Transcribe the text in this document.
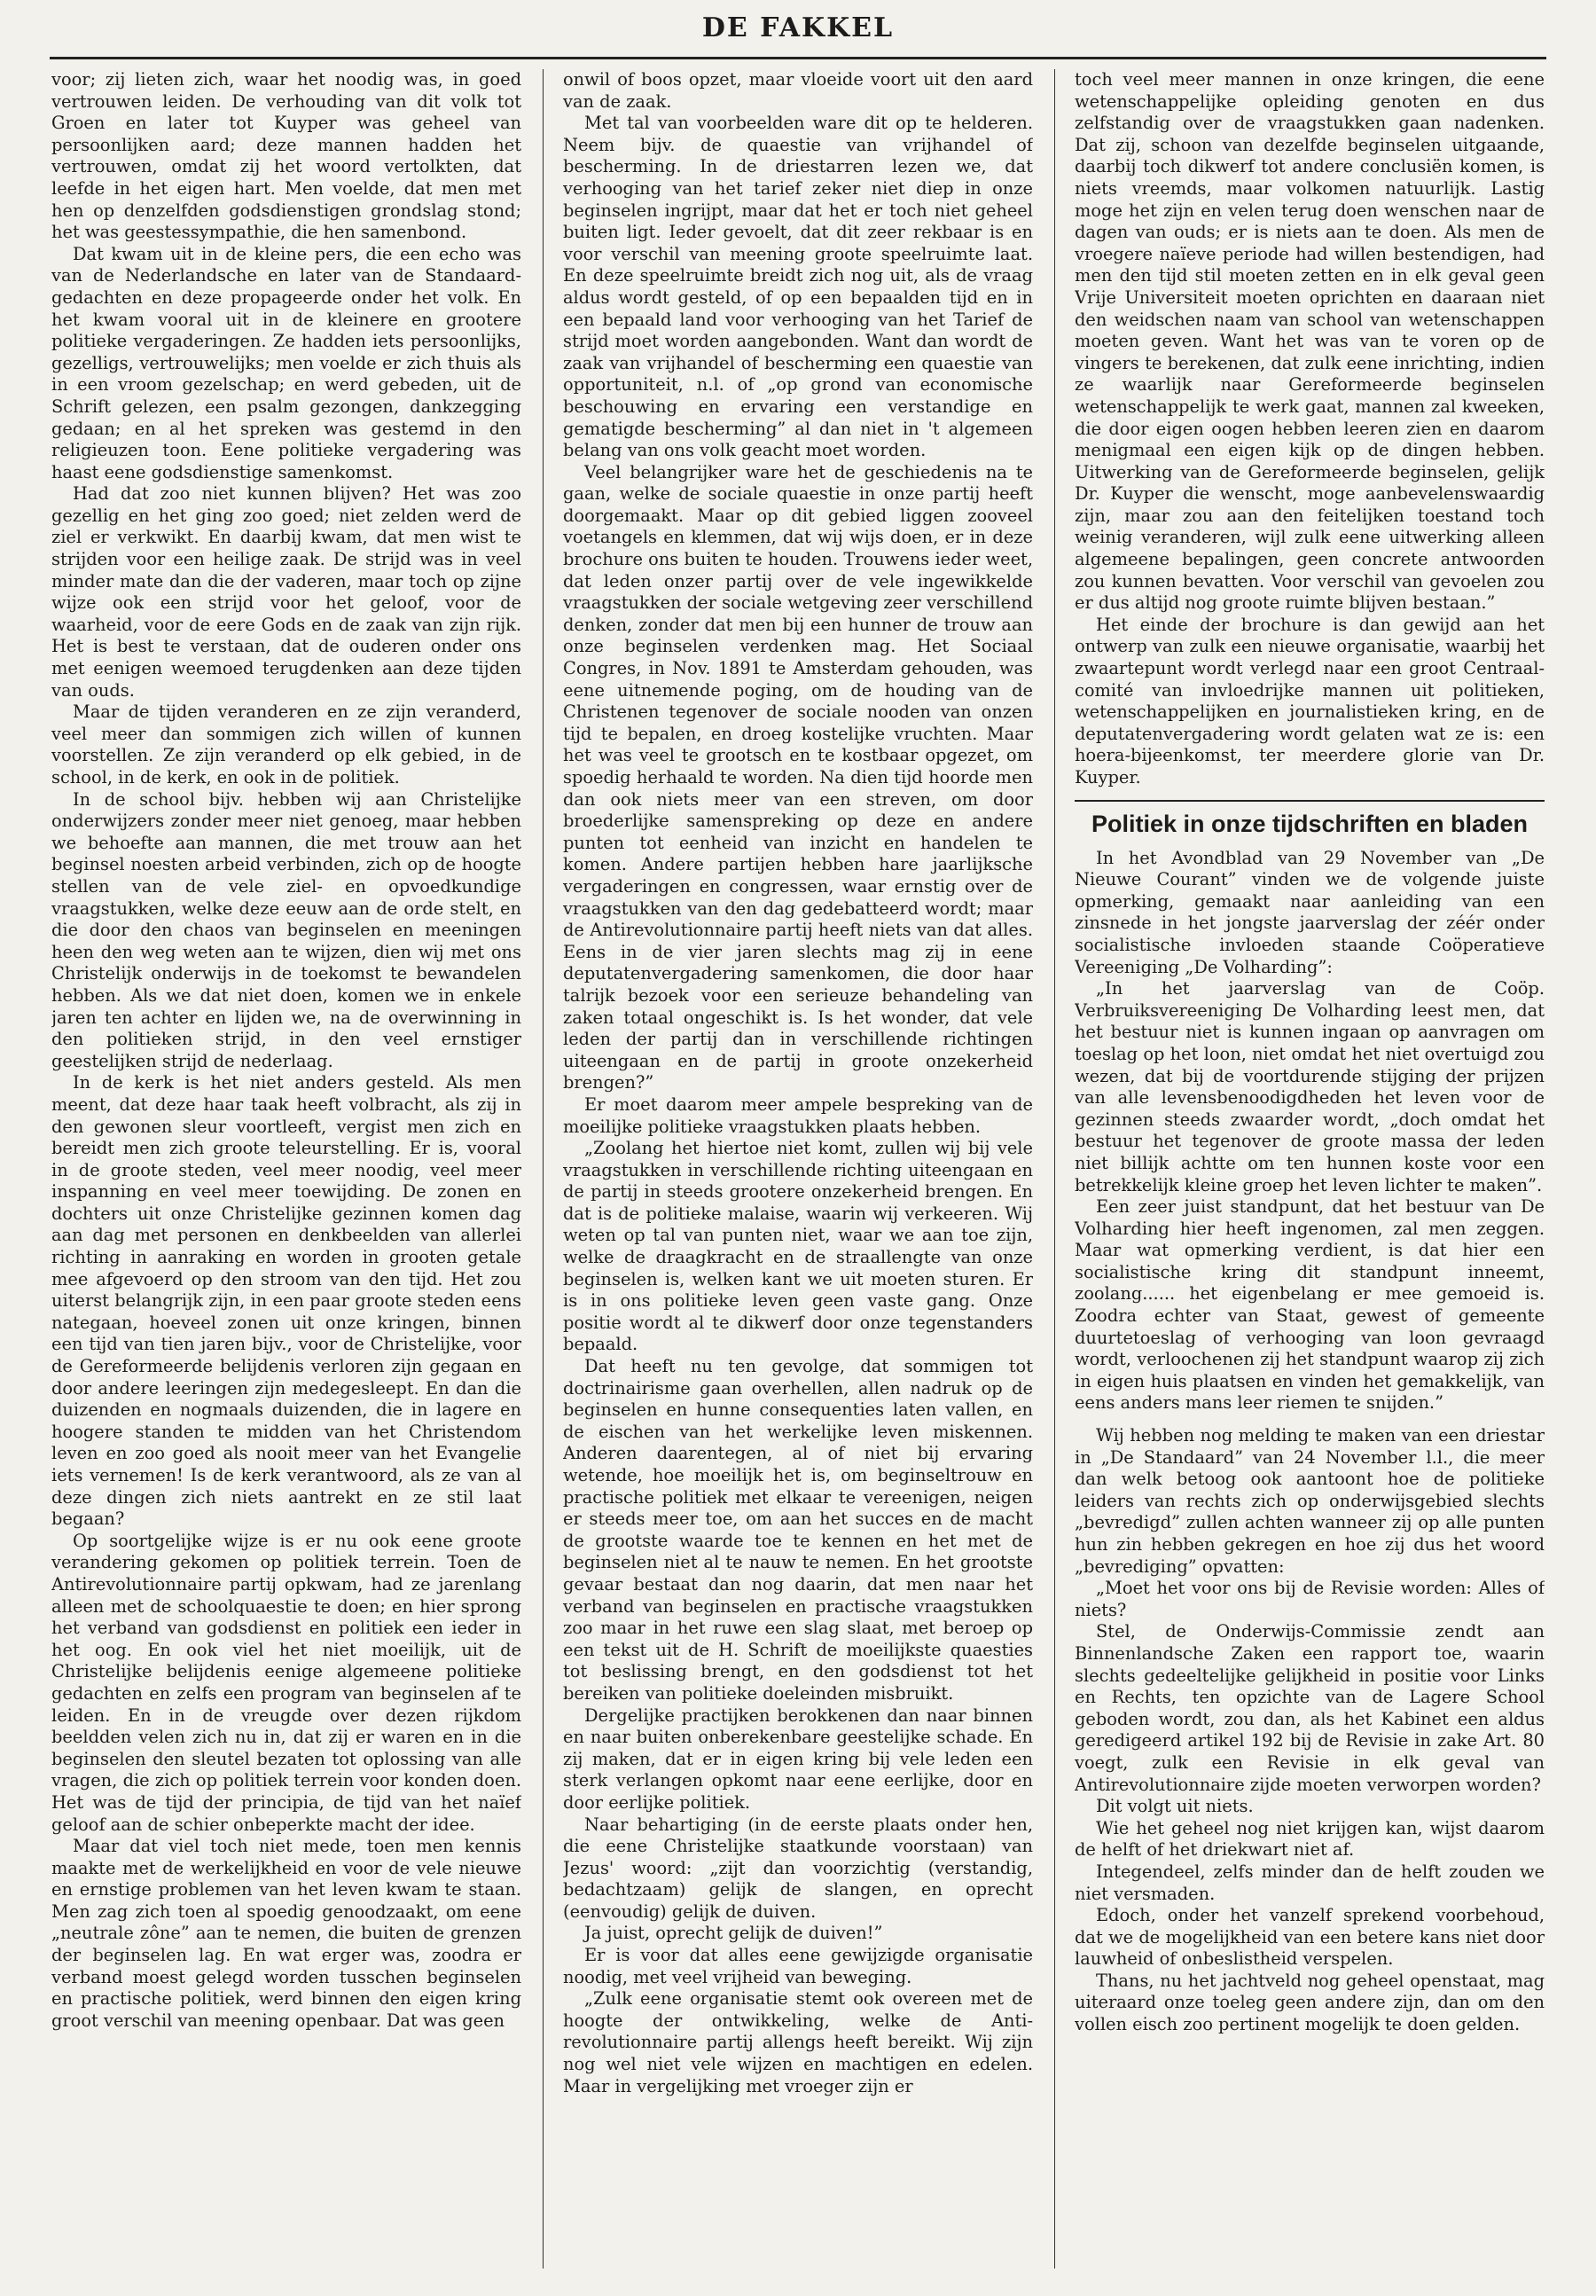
DE FAKKEL

voor; zij lieten zich, waar het noodig was, in goed vertrouwen leiden. De verhouding van dit volk tot Groen en later tot Kuyper was geheel van persoonlijken aard; deze mannen hadden het vertrouwen, omdat zij het woord vertolkten, dat leefde in het eigen hart. Men voelde, dat men met hen op denzelfden godsdienstigen grondslag stond; het was geestessympathie, die hen samenbond.

Dat kwam uit in de kleine pers, die een echo was van de Nederlandsche en later van de Standaard-gedachten en deze propageerde onder het volk. En het kwam vooral uit in de kleinere en grootere politieke vergaderingen. Ze hadden iets persoonlijks, gezelligs, vertrouwelijks; men voelde er zich thuis als in een vroom gezelschap; en werd gebeden, uit de Schrift gelezen, een psalm gezongen, dankzegging gedaan; en al het spreken was gestemd in den religieuzen toon. Eene politieke vergadering was haast eene godsdienstige samenkomst.

Had dat zoo niet kunnen blijven? Het was zoo gezellig en het ging zoo goed; niet zelden werd de ziel er verkwikt. En daarbij kwam, dat men wist te strijden voor een heilige zaak. De strijd was in veel minder mate dan die der vaderen, maar toch op zijne wijze ook een strijd voor het geloof, voor de waarheid, voor de eere Gods en de zaak van zijn rijk. Het is best te verstaan, dat de ouderen onder ons met eenigen weemoed terugdenken aan deze tijden van ouds.

Maar de tijden veranderen en ze zijn veranderd, veel meer dan sommigen zich willen of kunnen voorstellen. Ze zijn veranderd op elk gebied, in de school, in de kerk, en ook in de politiek.

In de school bijv. hebben wij aan Christelijke onderwijzers zonder meer niet genoeg, maar hebben we behoefte aan mannen, die met trouw aan het beginsel noesten arbeid verbinden, zich op de hoogte stellen van de vele ziel- en opvoedkundige vraagstukken, welke deze eeuw aan de orde stelt, en die door den chaos van beginselen en meeningen heen den weg weten aan te wijzen, dien wij met ons Christelijk onderwijs in de toekomst te bewandelen hebben. Als we dat niet doen, komen we in enkele jaren ten achter en lijden we, na de overwinning in den politieken strijd, in den veel ernstiger geestelijken strijd de nederlaag.

In de kerk is het niet anders gesteld. Als men meent, dat deze haar taak heeft volbracht, als zij in den gewonen sleur voortleeft, vergist men zich en bereidt men zich groote teleurstelling. Er is, vooral in de groote steden, veel meer noodig, veel meer inspanning en veel meer toewijding. De zonen en dochters uit onze Christelijke gezinnen komen dag aan dag met personen en denkbeelden van allerlei richting in aanraking en worden in grooten getale mee afgevoerd op den stroom van den tijd. Het zou uiterst belangrijk zijn, in een paar groote steden eens nategaan, hoeveel zonen uit onze kringen, binnen een tijd van tien jaren bijv., voor de Christelijke, voor de Gereformeerde belijdenis verloren zijn gegaan en door andere leeringen zijn medegesleept. En dan die duizenden en nogmaals duizenden, die in lagere en hoogere standen te midden van het Christendom leven en zoo goed als nooit meer van het Evangelie iets vernemen! Is de kerk verantwoord, als ze van al deze dingen zich niets aantrekt en ze stil laat begaan?

Op soortgelijke wijze is er nu ook eene groote verandering gekomen op politiek terrein. Toen de Antirevolutionnaire partij opkwam, had ze jarenlang alleen met de schoolquaestie te doen; en hier sprong het verband van godsdienst en politiek een ieder in het oog. En ook viel het niet moeilijk, uit de Christelijke belijdenis eenige algemeene politieke gedachten en zelfs een program van beginselen af te leiden. En in de vreugde over dezen rijkdom beeldden velen zich nu in, dat zij er waren en in die beginselen den sleutel bezaten tot oplossing van alle vragen, die zich op politiek terrein voor konden doen. Het was de tijd der principia, de tijd van het naïef geloof aan de schier onbeperkte macht der idee.

Maar dat viel toch niet mede, toen men kennis maakte met de werkelijkheid en voor de vele nieuwe en ernstige problemen van het leven kwam te staan. Men zag zich toen al spoedig genoodzaakt, om eene „neutrale zône” aan te nemen, die buiten de grenzen der beginselen lag. En wat erger was, zoodra er verband moest gelegd worden tusschen beginselen en practische politiek, werd binnen den eigen kring groot verschil van meening openbaar. Dat was geen

onwil of boos opzet, maar vloeide voort uit den aard van de zaak.

Met tal van voorbeelden ware dit op te helderen. Neem bijv. de quaestie van vrijhandel of bescherming. In de driestarren lezen we, dat verhooging van het tarief zeker niet diep in onze beginselen ingrijpt, maar dat het er toch niet geheel buiten ligt. Ieder gevoelt, dat dit zeer rekbaar is en voor verschil van meening groote speelruimte laat. En deze speelruimte breidt zich nog uit, als de vraag aldus wordt gesteld, of op een bepaalden tijd en in een bepaald land voor verhooging van het Tarief de strijd moet worden aangebonden. Want dan wordt de zaak van vrijhandel of bescherming een quaestie van opportuniteit, n.l. of „op grond van economische beschouwing en ervaring een verstandige en gematigde bescherming” al dan niet in 't algemeen belang van ons volk geacht moet worden.

Veel belangrijker ware het de geschiedenis na te gaan, welke de sociale quaestie in onze partij heeft doorgemaakt. Maar op dit gebied liggen zooveel voetangels en klemmen, dat wij wijs doen, er in deze brochure ons buiten te houden. Trouwens ieder weet, dat leden onzer partij over de vele ingewikkelde vraagstukken der sociale wetgeving zeer verschillend denken, zonder dat men bij een hunner de trouw aan onze beginselen verdenken mag. Het Sociaal Congres, in Nov. 1891 te Amsterdam gehouden, was eene uitnemende poging, om de houding van de Christenen tegenover de sociale nooden van onzen tijd te bepalen, en droeg kostelijke vruchten. Maar het was veel te grootsch en te kostbaar opgezet, om spoedig herhaald te worden. Na dien tijd hoorde men dan ook niets meer van een streven, om door broederlijke samenspreking op deze en andere punten tot eenheid van inzicht en handelen te komen. Andere partijen hebben hare jaarlijksche vergaderingen en congressen, waar ernstig over de vraagstukken van den dag gedebatteerd wordt; maar de Antirevolutionnaire partij heeft niets van dat alles. Eens in de vier jaren slechts mag zij in eene deputatenvergadering samenkomen, die door haar talrijk bezoek voor een serieuze behandeling van zaken totaal ongeschikt is. Is het wonder, dat vele leden der partij dan in verschillende richtingen uiteengaan en de partij in groote onzekerheid brengen?”

Er moet daarom meer ampele bespreking van de moeilijke politieke vraagstukken plaats hebben.

„Zoolang het hiertoe niet komt, zullen wij bij vele vraagstukken in verschillende richting uiteengaan en de partij in steeds grootere onzekerheid brengen. En dat is de politieke malaise, waarin wij verkeeren. Wij weten op tal van punten niet, waar we aan toe zijn, welke de draagkracht en de straallengte van onze beginselen is, welken kant we uit moeten sturen. Er is in ons politieke leven geen vaste gang. Onze positie wordt al te dikwerf door onze tegenstanders bepaald.

Dat heeft nu ten gevolge, dat sommigen tot doctrinairisme gaan overhellen, allen nadruk op de beginselen en hunne consequenties laten vallen, en de eischen van het werkelijke leven miskennen. Anderen daarentegen, al of niet bij ervaring wetende, hoe moeilijk het is, om beginseltrouw en practische politiek met elkaar te vereenigen, neigen er steeds meer toe, om aan het succes en de macht de grootste waarde toe te kennen en het met de beginselen niet al te nauw te nemen. En het grootste gevaar bestaat dan nog daarin, dat men naar het verband van beginselen en practische vraagstukken zoo maar in het ruwe een slag slaat, met beroep op een tekst uit de H. Schrift de moeilijkste quaesties tot beslissing brengt, en den godsdienst tot het bereiken van politieke doeleinden misbruikt.

Dergelijke practijken berokkenen dan naar binnen en naar buiten onberekenbare geestelijke schade. En zij maken, dat er in eigen kring bij vele leden een sterk verlangen opkomt naar eene eerlijke, door en door eerlijke politiek.

Naar behartiging (in de eerste plaats onder hen, die eene Christelijke staatkunde voorstaan) van Jezus' woord: „zijt dan voorzichtig (verstandig, bedachtzaam) gelijk de slangen, en oprecht (eenvoudig) gelijk de duiven.

Ja juist, oprecht gelijk de duiven!”

Er is voor dat alles eene gewijzigde organisatie noodig, met veel vrijheid van beweging.

„Zulk eene organisatie stemt ook overeen met de hoogte der ontwikkeling, welke de Anti-revolutionnaire partij allengs heeft bereikt. Wij zijn nog wel niet vele wijzen en machtigen en edelen. Maar in vergelijking met vroeger zijn er

toch veel meer mannen in onze kringen, die eene wetenschappelijke opleiding genoten en dus zelfstandig over de vraagstukken gaan nadenken. Dat zij, schoon van dezelfde beginselen uitgaande, daarbij toch dikwerf tot andere conclusiën komen, is niets vreemds, maar volkomen natuurlijk. Lastig moge het zijn en velen terug doen wenschen naar de dagen van ouds; er is niets aan te doen. Als men de vroegere naïeve periode had willen bestendigen, had men den tijd stil moeten zetten en in elk geval geen Vrije Universiteit moeten oprichten en daaraan niet den weidschen naam van school van wetenschappen moeten geven. Want het was van te voren op de vingers te berekenen, dat zulk eene inrichting, indien ze waarlijk naar Gereformeerde beginselen wetenschappelijk te werk gaat, mannen zal kweeken, die door eigen oogen hebben leeren zien en daarom menigmaal een eigen kijk op de dingen hebben. Uitwerking van de Gereformeerde beginselen, gelijk Dr. Kuyper die wenscht, moge aanbevelenswaardig zijn, maar zou aan den feitelijken toestand toch weinig veranderen, wijl zulk eene uitwerking alleen algemeene bepalingen, geen concrete antwoorden zou kunnen bevatten. Voor verschil van gevoelen zou er dus altijd nog groote ruimte blijven bestaan.”

Het einde der brochure is dan gewijd aan het ontwerp van zulk een nieuwe organisatie, waarbij het zwaartepunt wordt verlegd naar een groot Centraal-comité van invloedrijke mannen uit politieken, wetenschappelijken en journalistieken kring, en de deputatenvergadering wordt gelaten wat ze is: een hoera-bijeenkomst, ter meerdere glorie van Dr. Kuyper.

Politiek in onze tijdschriften en bladen

In het Avondblad van 29 November van „De Nieuwe Courant” vinden we de volgende juiste opmerking, gemaakt naar aanleiding van een zinsnede in het jongste jaarverslag der zéér onder socialistische invloeden staande Coöperatieve Vereeniging „De Volharding”:

„In het jaarverslag van de Coöp. Verbruiksvereeniging De Volharding leest men, dat het bestuur niet is kunnen ingaan op aanvragen om toeslag op het loon, niet omdat het niet overtuigd zou wezen, dat bij de voortdurende stijging der prijzen van alle levensbenoodigdheden het leven voor de gezinnen steeds zwaarder wordt, „doch omdat het bestuur het tegenover de groote massa der leden niet billijk achtte om ten hunnen koste voor een betrekkelijk kleine groep het leven lichter te maken”.

Een zeer juist standpunt, dat het bestuur van De Volharding hier heeft ingenomen, zal men zeggen. Maar wat opmerking verdient, is dat hier een socialistische kring dit standpunt inneemt, zoolang...... het eigenbelang er mee gemoeid is. Zoodra echter van Staat, gewest of gemeente duurtetoeslag of verhooging van loon gevraagd wordt, verloochenen zij het standpunt waarop zij zich in eigen huis plaatsen en vinden het gemakkelijk, van eens anders mans leer riemen te snijden.”

Wij hebben nog melding te maken van een driestar in „De Standaard” van 24 November l.l., die meer dan welk betoog ook aantoont hoe de politieke leiders van rechts zich op onderwijsgebied slechts „bevredigd” zullen achten wanneer zij op alle punten hun zin hebben gekregen en hoe zij dus het woord „bevrediging” opvatten:

„Moet het voor ons bij de Revisie worden: Alles of niets?

Stel, de Onderwijs-Commissie zendt aan Binnenlandsche Zaken een rapport toe, waarin slechts gedeeltelijke gelijkheid in positie voor Links en Rechts, ten opzichte van de Lagere School geboden wordt, zou dan, als het Kabinet een aldus geredigeerd artikel 192 bij de Revisie in zake Art. 80 voegt, zulk een Revisie in elk geval van Antirevolutionnaire zijde moeten verworpen worden?

Dit volgt uit niets.

Wie het geheel nog niet krijgen kan, wijst daarom de helft of het driekwart niet af.

Integendeel, zelfs minder dan de helft zouden we niet versmaden.

Edoch, onder het vanzelf sprekend voorbehoud, dat we de mogelijkheid van een betere kans niet door lauwheid of onbeslistheid verspelen.

Thans, nu het jachtveld nog geheel openstaat, mag uiteraard onze toeleg geen andere zijn, dan om den vollen eisch zoo pertinent mogelijk te doen gelden.
